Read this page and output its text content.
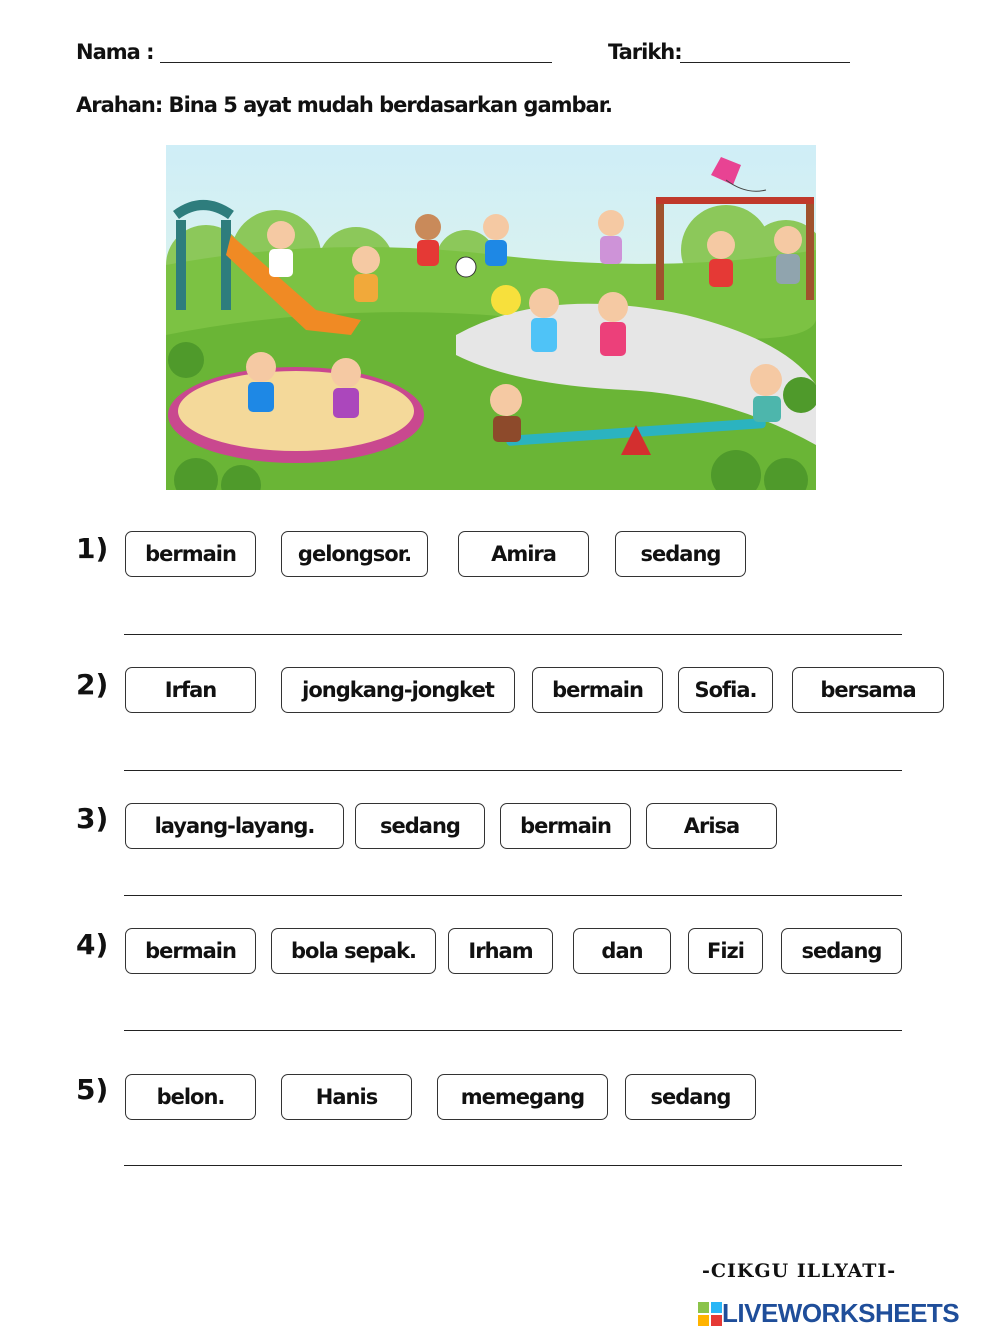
Nama :	Tarikh:
Arahan: Bina 5 ayat mudah berdasarkan gambar.
1)	bermain	gelongsor.	Amira	sedang
2)	Irfan	jongkang-jongket	bermain	Sofia.	bersama
3)	layang-layang.	sedang	bermain	Arisa
4)	bermain	bola sepak.	Irham	dan	Fizi	sedang
5)	belon.	Hanis	memegang	sedang
-CIKGU ILLYATI-
LIVEWORKSHEETS
